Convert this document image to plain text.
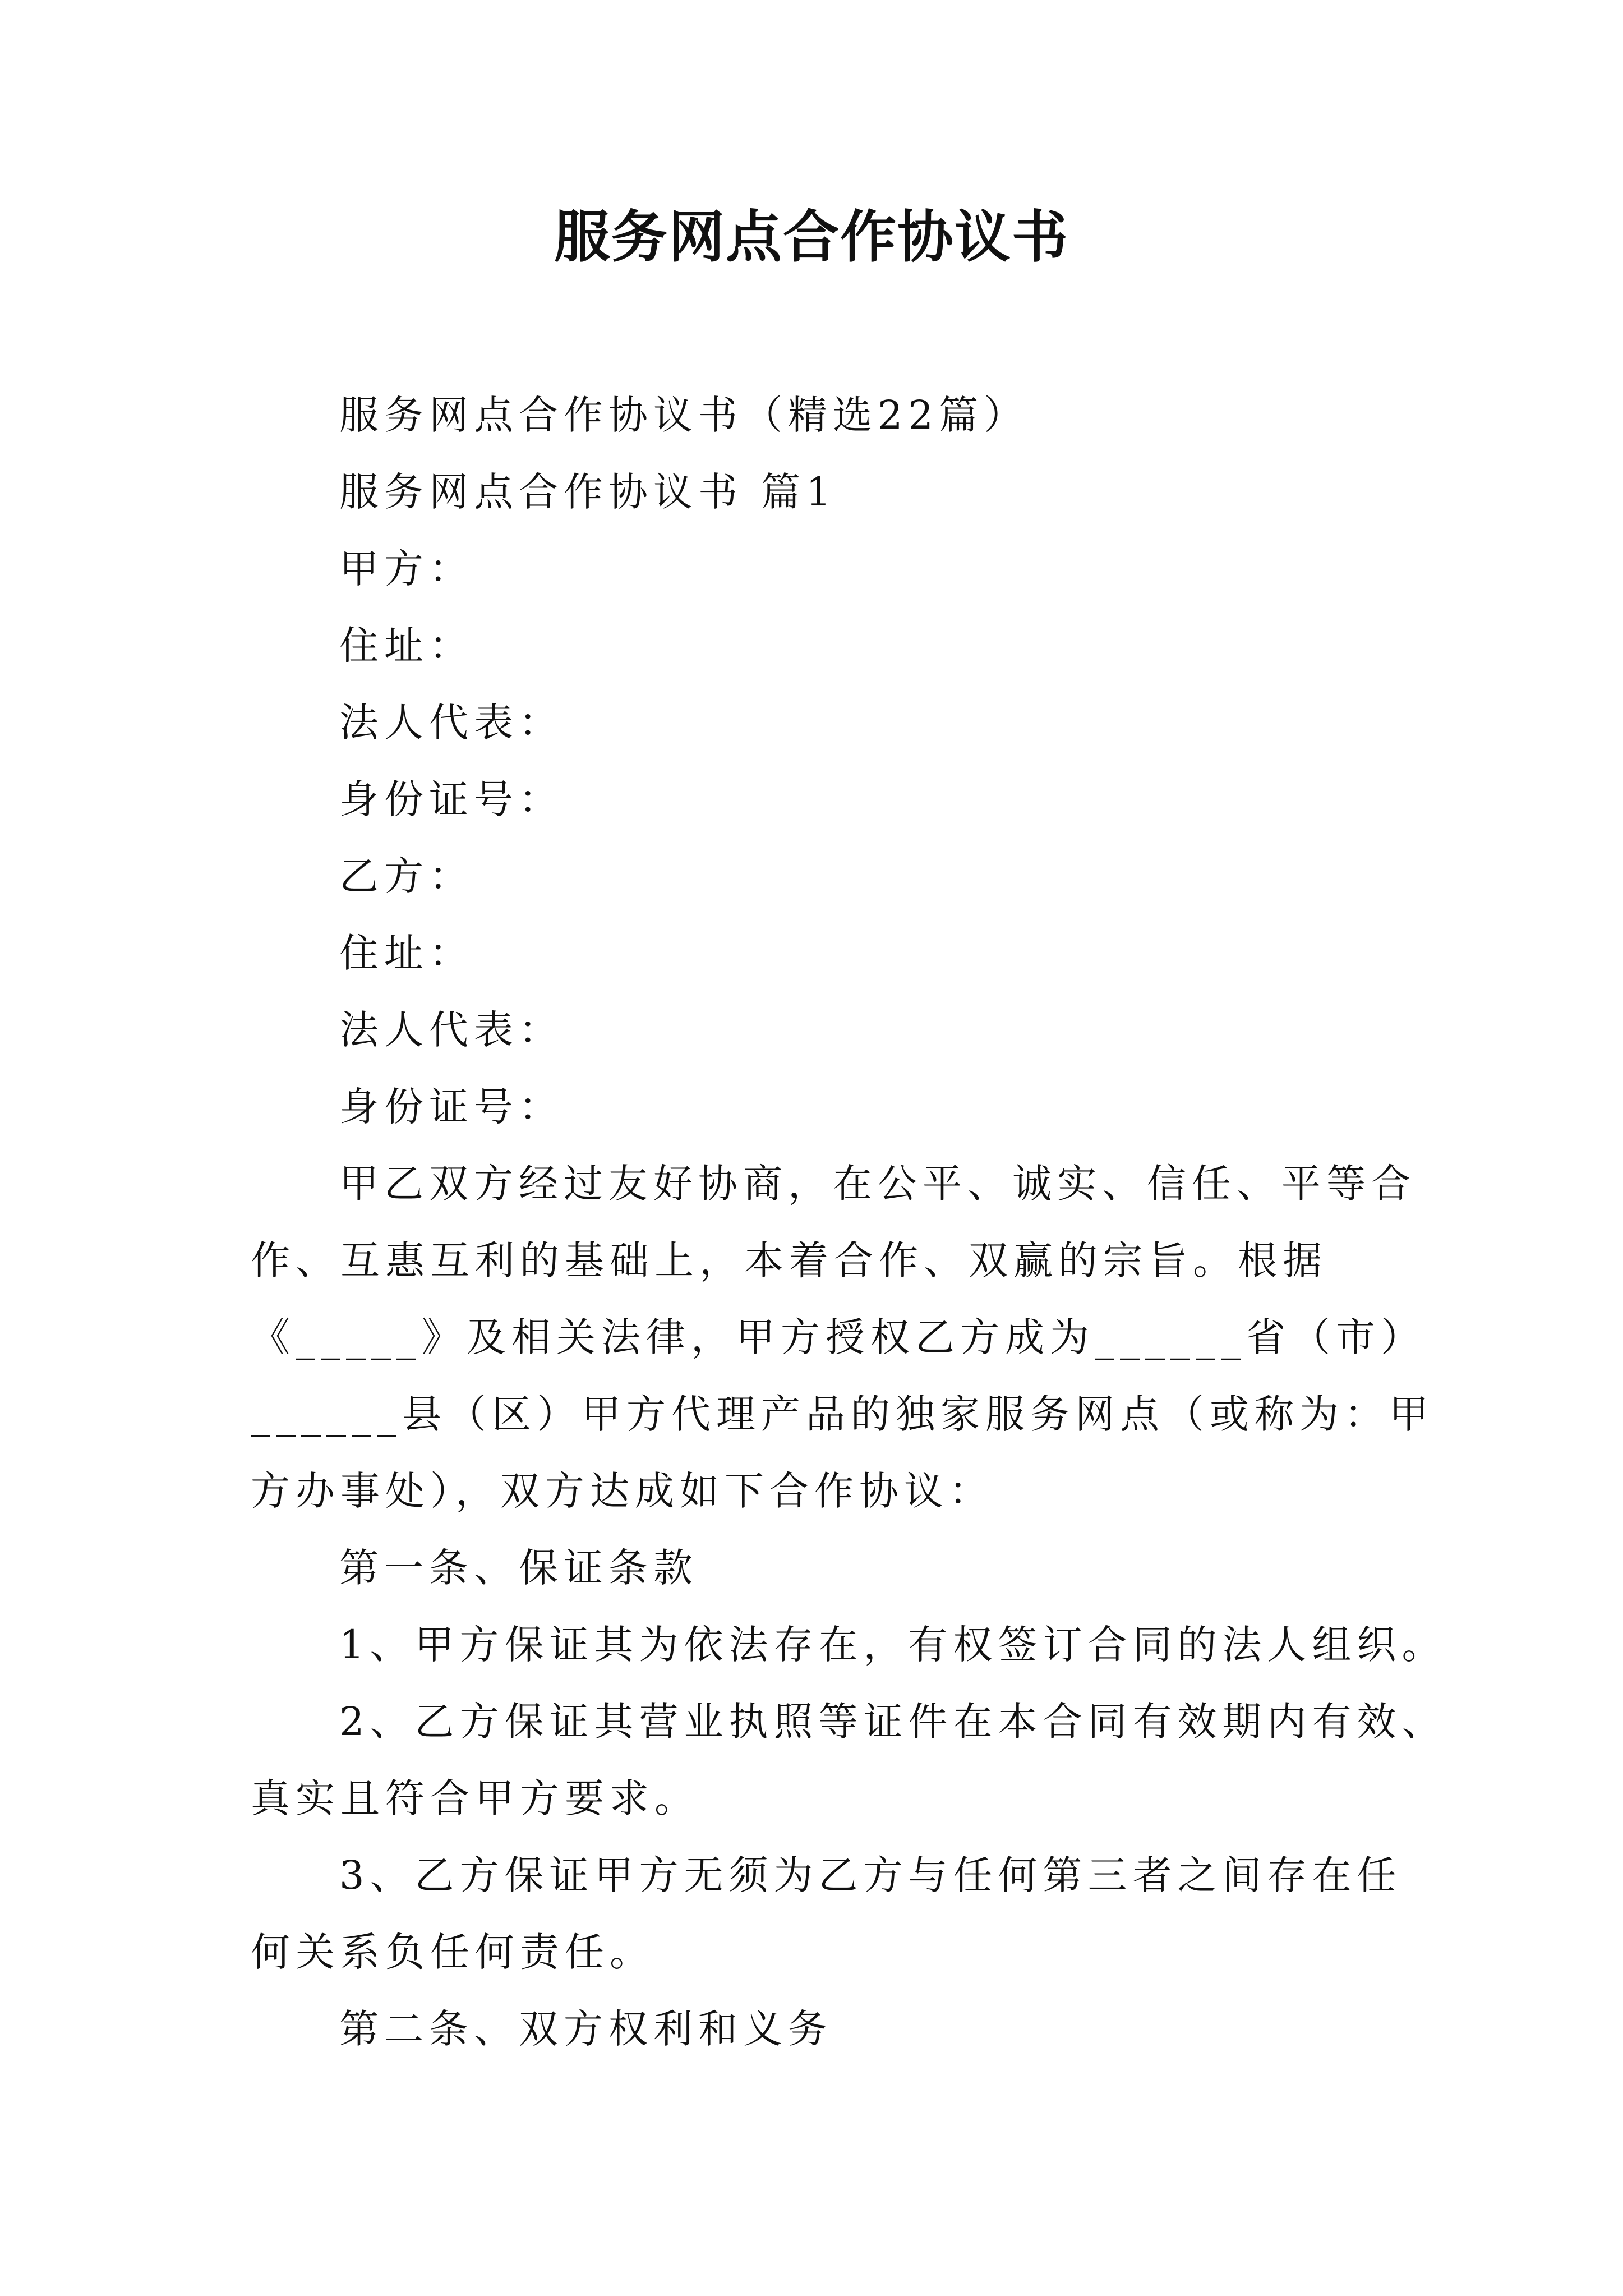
服务网点合作协议书
服务网点合作协议书（精选22篇）
服务网点合作协议书 篇1
甲方：
住址：
法人代表：
身份证号：
乙方：
住址：
法人代表：
身份证号：
甲乙双方经过友好协商，在公平、诚实、信任、平等合
作、互惠互利的基础上，本着合作、双赢的宗旨。根据
《_____》及相关法律，甲方授权乙方成为______省（市）
______县（区）甲方代理产品的独家服务网点（或称为：甲
方办事处），双方达成如下合作协议：
第一条、保证条款
1、甲方保证其为依法存在，有权签订合同的法人组织。
2、乙方保证其营业执照等证件在本合同有效期内有效、
真实且符合甲方要求。
3、乙方保证甲方无须为乙方与任何第三者之间存在任
何关系负任何责任。
第二条、双方权利和义务
